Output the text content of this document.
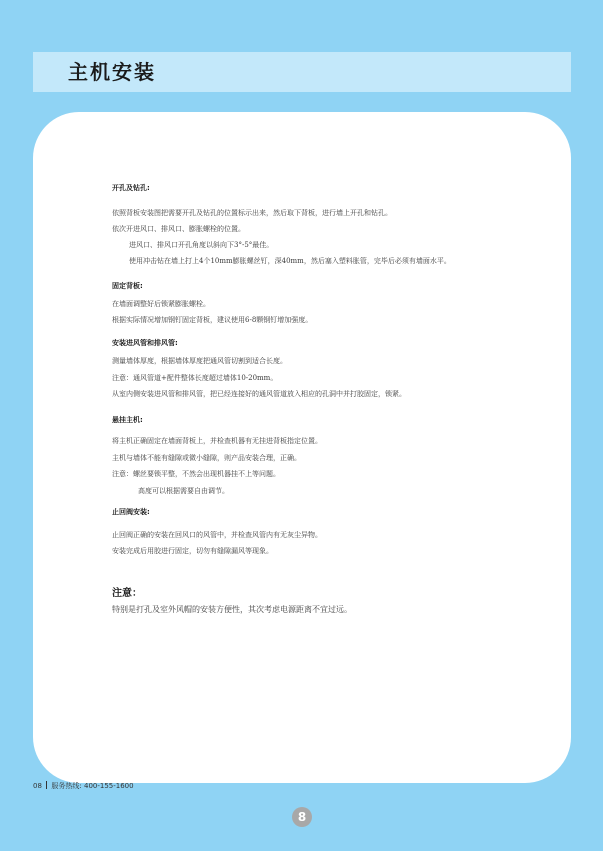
主机安装
开孔及钻孔:
依照背板安装图把需要开孔及钻孔的位置标示出来，然后取下背板，进行墙上开孔和钻孔。
依次开进风口、排风口、膨胀螺栓的位置。
进风口、排风口开孔角度以斜向下3°-5°最佳。
使用冲击钻在墙上打上4个10mm膨胀螺丝钉，深40mm，然后塞入塑料胀管，完毕后必须有墙面水平。
固定背板:
在墙面调整好后锁紧膨胀螺栓。
根据实际情况增加钢钉固定背板，建议使用6-8颗钢钉增加强度。
安装进风管和排风管:
测量墙体厚度，根据墙体厚度把通风管切割到适合长度。
注意：通风管道+配件整体长度超过墙体10-20mm。
从室内侧安装进风管和排风管，把已经连接好的通风管道放入相应的孔洞中并打胶固定，锁紧。
悬挂主机:
将主机正确固定在墙面背板上，并检查机器有无挂进背板指定位置。
主机与墙体不能有缝隙或微小缝隙，则产品安装合理，正确。
注意：螺丝要锁平整，不然会出现机器挂不上等问题。
高度可以根据需要自由调节。
止回阀安装:
止回阀正确的安装在回风口的风管中，并检查风管内有无灰尘异物。
安装完成后用胶进行固定，切勿有缝隙漏风等现象。
注意：
特别是打孔及室外风帽的安装方便性，其次考虑电源距离不宜过远。
08 服务热线: 400-155-1600
8
